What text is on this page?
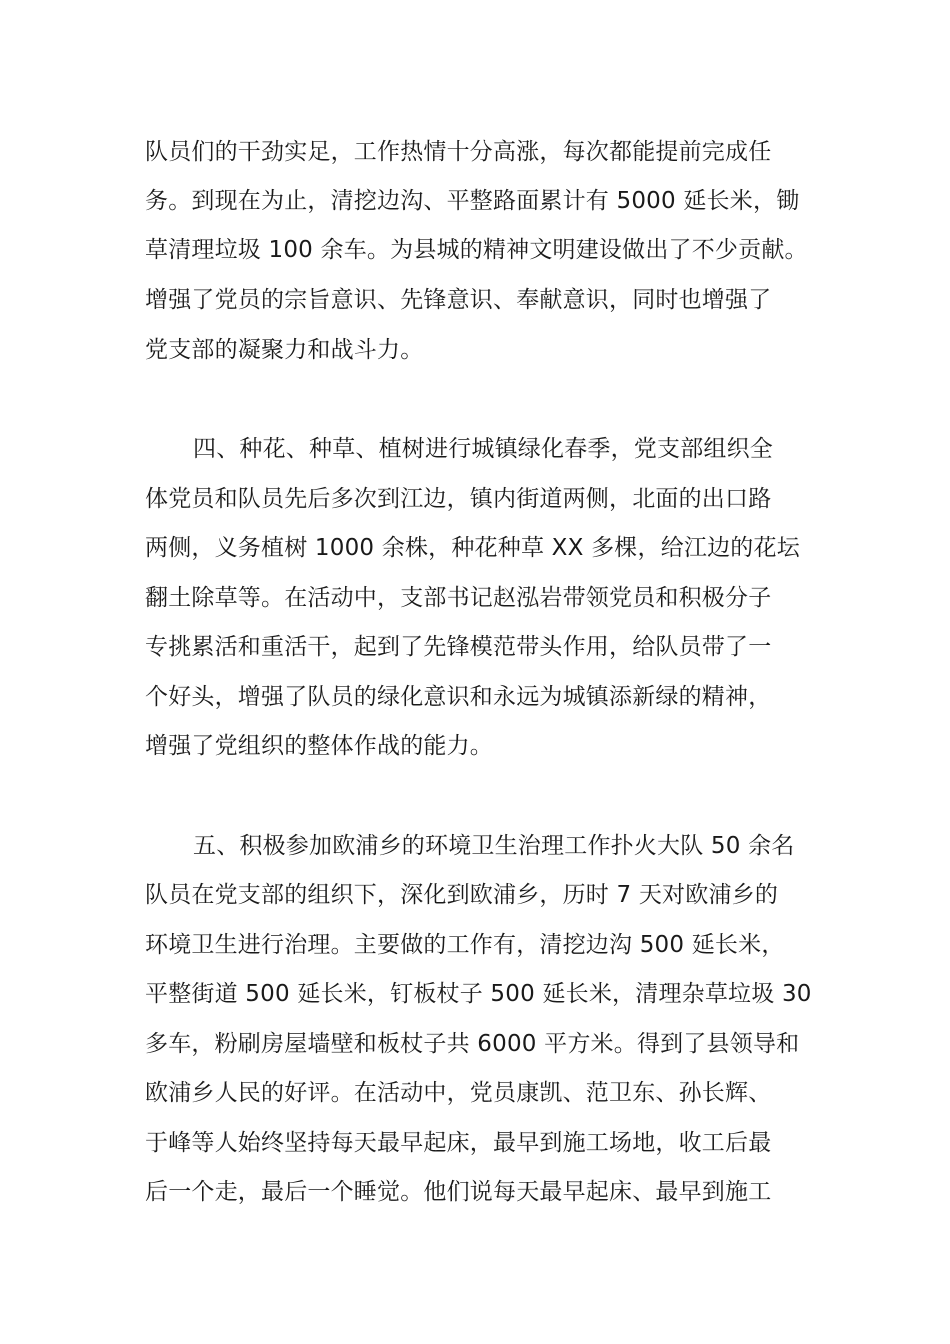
队员们的干劲实足，工作热情十分高涨，每次都能提前完成任
务。到现在为止，清挖边沟、平整路面累计有 5000 延长米，锄
草清理垃圾 100 余车。为县城的精神文明建设做出了不少贡献。
增强了党员的宗旨意识、先锋意识、奉献意识，同时也增强了
党支部的凝聚力和战斗力。
四、种花、种草、植树进行城镇绿化春季，党支部组织全
体党员和队员先后多次到江边，镇内街道两侧，北面的出口路
两侧，义务植树 1000 余株，种花种草 XX 多棵，给江边的花坛
翻土除草等。在活动中，支部书记赵泓岩带领党员和积极分子
专挑累活和重活干，起到了先锋模范带头作用，给队员带了一
个好头，增强了队员的绿化意识和永远为城镇添新绿的精神，
增强了党组织的整体作战的能力。
五、积极参加欧浦乡的环境卫生治理工作扑火大队 50 余名
队员在党支部的组织下，深化到欧浦乡，历时 7 天对欧浦乡的
环境卫生进行治理。主要做的工作有，清挖边沟 500 延长米，
平整街道 500 延长米，钉板杖子 500 延长米，清理杂草垃圾 30
多车，粉刷房屋墙壁和板杖子共 6000 平方米。得到了县领导和
欧浦乡人民的好评。在活动中，党员康凯、范卫东、孙长辉、
于峰等人始终坚持每天最早起床，最早到施工场地，收工后最
后一个走，最后一个睡觉。他们说每天最早起床、最早到施工
